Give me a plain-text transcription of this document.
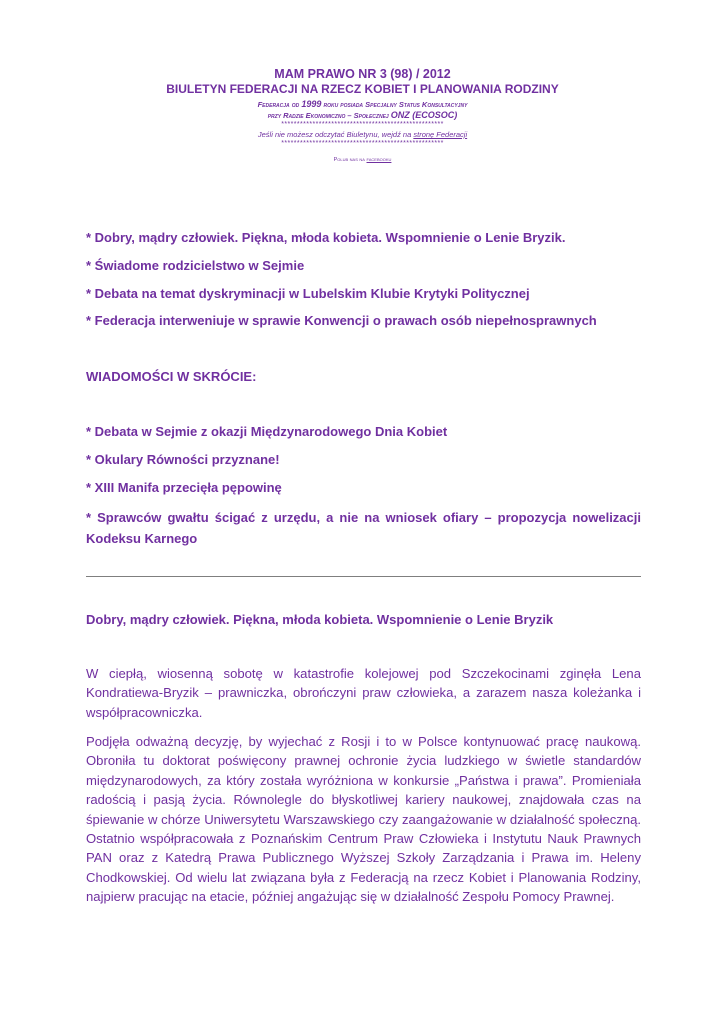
MAM PRAWO NR 3 (98) / 2012
BIULETYN FEDERACJI NA RZECZ KOBIET I PLANOWANIA RODZINY
Federacja od 1999 roku posiada Specjalny Status Konsultacyjny
przy Radzie Ekonomiczno – Społecznej ONZ (ECOSOC)
****************************************************
Jeśli nie możesz odczytać Biuletynu, wejdź na stronę Federacji
****************************************************
Polub nas na facebooku
* Dobry, mądry człowiek. Piękna, młoda kobieta. Wspomnienie o Lenie Bryzik.
* Świadome rodzicielstwo w Sejmie
* Debata na temat dyskryminacji w Lubelskim Klubie Krytyki Politycznej
* Federacja interweniuje w sprawie Konwencji o prawach osób niepełnosprawnych
WIADOMOŚCI W SKRÓCIE:
* Debata w Sejmie z okazji Międzynarodowego Dnia Kobiet
* Okulary Równości przyznane!
* XIII Manifa przecięła pępowinę
* Sprawców gwałtu ścigać z urzędu, a nie na wniosek ofiary – propozycja nowelizacji Kodeksu Karnego
Dobry, mądry człowiek. Piękna, młoda kobieta. Wspomnienie o Lenie Bryzik

W ciepłą, wiosenną sobotę w katastrofie kolejowej pod Szczekocinami zginęła Lena Kondratiewa-Bryzik – prawniczka, obrończyni praw człowieka, a zarazem nasza koleżanka i współpracowniczka.

Podjęła odważną decyzję, by wyjechać z Rosji i to w Polsce kontynuować pracę naukową. Obroniła tu doktorat poświęcony prawnej ochronie życia ludzkiego w świetle standardów międzynarodowych, za który została wyróżniona w konkursie „Państwa i prawa”. Promieniała radością i pasją życia. Równolegle do błyskotliwej kariery naukowej, znajdowała czas na śpiewanie w chórze Uniwersytetu Warszawskiego czy zaangażowanie w działalność społeczną. Ostatnio współpracowała z Poznańskim Centrum Praw Człowieka i Instytutu Nauk Prawnych PAN oraz z Katedrą Prawa Publicznego Wyższej Szkoły Zarządzania i Prawa im. Heleny Chodkowskiej. Od wielu lat związana była z Federacją na rzecz Kobiet i Planowania Rodziny, najpierw pracując na etacie, później angażując się w działalność Zespołu Pomocy Prawnej.
